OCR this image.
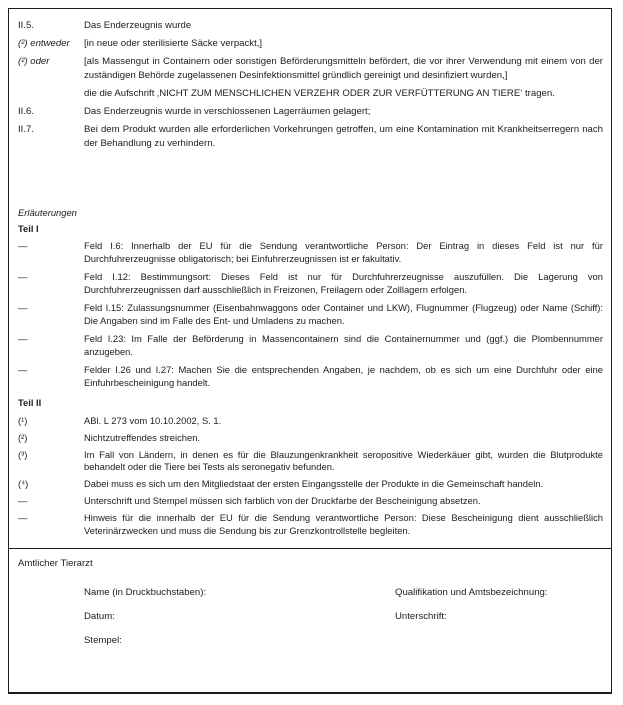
II.5.	Das Enderzeugnis wurde
(²) entweder	[in neue oder sterilisierte Säcke verpackt,]
(²) oder	[als Massengut in Containern oder sonstigen Beförderungsmitteln befördert, die vor ihrer Verwendung mit einem von der zuständigen Behörde zugelassenen Desinfektionsmittel gründlich gereinigt und desinfiziert wurden,]
die die Aufschrift ‚NICHT ZUM MENSCHLICHEN VERZEHR ODER ZUR VERFÜTTERUNG AN TIERE‘ tragen.
II.6.	Das Enderzeugnis wurde in verschlossenen Lagerräumen gelagert;
II.7.	Bei dem Produkt wurden alle erforderlichen Vorkehrungen getroffen, um eine Kontamination mit Krankheitserregern nach der Behandlung zu verhindern.
Erläuterungen
Teil I
—	Feld I.6: Innerhalb der EU für die Sendung verantwortliche Person: Der Eintrag in dieses Feld ist nur für Durchfuhrerzeugnisse obligatorisch; bei Einfuhrerzeugnissen ist er fakultativ.
—	Feld I.12: Bestimmungsort: Dieses Feld ist nur für Durchfuhrerzeugnisse auszufüllen. Die Lagerung von Durchfuhrerzeugnissen darf ausschließlich in Freizonen, Freilagern oder Zolllagern erfolgen.
—	Feld I.15: Zulassungsnummer (Eisenbahnwaggons oder Container und LKW), Flugnummer (Flugzeug) oder Name (Schiff): Die Angaben sind im Falle des Ent- und Umladens zu machen.
—	Feld I.23: Im Falle der Beförderung in Massencontainern sind die Containernummer und (ggf.) die Plombennummer anzugeben.
—	Felder I.26 und I.27: Machen Sie die entsprechenden Angaben, je nachdem, ob es sich um eine Durchfuhr oder eine Einfuhrbescheinigung handelt.
Teil II
(¹)	ABl. L 273 vom 10.10.2002, S. 1.
(²)	Nichtzutreffendes streichen.
(³)	Im Fall von Ländern, in denen es für die Blauzungenkrankheit seropositive Wiederkäuer gibt, wurden die Blutprodukte behandelt oder die Tiere bei Tests als seronegativ befunden.
(⁴)	Dabei muss es sich um den Mitgliedstaat der ersten Eingangsstelle der Produkte in die Gemeinschaft handeln.
—	Unterschrift und Stempel müssen sich farblich von der Druckfarbe der Bescheinigung absetzen.
—	Hinweis für die innerhalb der EU für die Sendung verantwortliche Person: Diese Bescheinigung dient ausschließlich Veterinärzwecken und muss die Sendung bis zur Grenzkontrollstelle begleiten.
Amtlicher Tierarzt
Name (in Druckbuchstaben):	Qualifikation und Amtsbezeichnung:
Datum:	Unterschrift:
Stempel:
